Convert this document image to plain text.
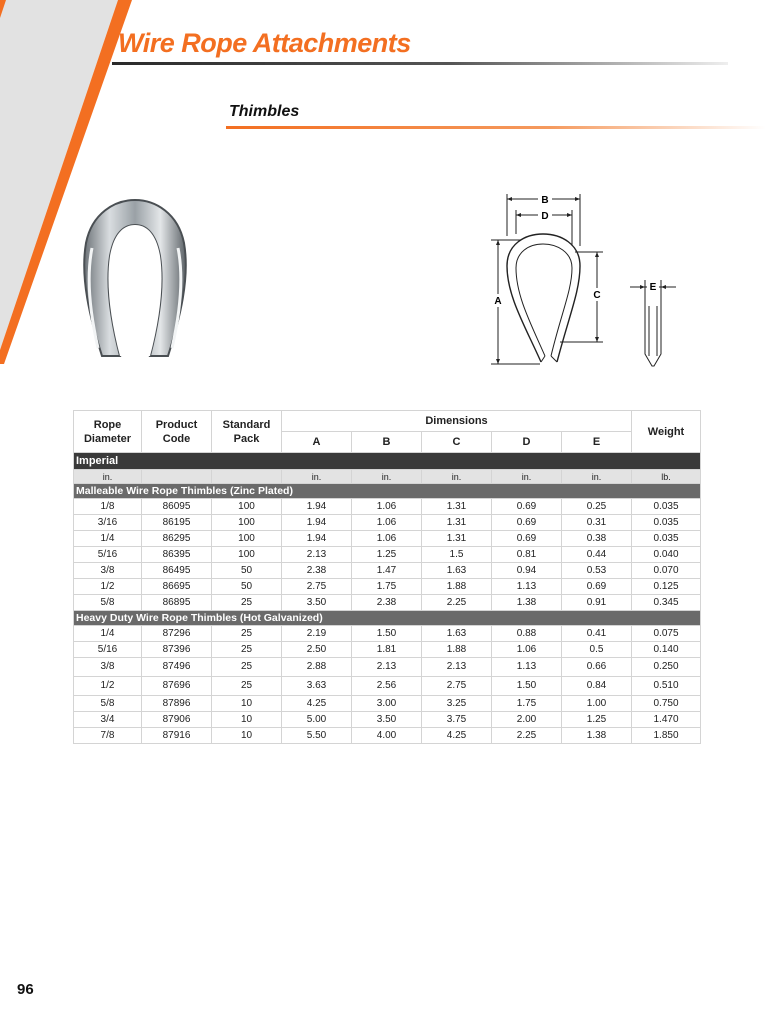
Wire Rope Attachments
Thimbles
B
D
A
C
E
Rope Diameter	Product Code	Standard Pack	Dimensions					Weight
			A	B	C	D	E	
Imperial								
in.			in.	in.	in.	in.	in.	lb.
Malleable Wire Rope Thimbles (Zinc Plated)								
1/8	86095	100	1.94	1.06	1.31	0.69	0.25	0.035
3/16	86195	100	1.94	1.06	1.31	0.69	0.31	0.035
1/4	86295	100	1.94	1.06	1.31	0.69	0.38	0.035
5/16	86395	100	2.13	1.25	1.5	0.81	0.44	0.040
3/8	86495	50	2.38	1.47	1.63	0.94	0.53	0.070
1/2	86695	50	2.75	1.75	1.88	1.13	0.69	0.125
5/8	86895	25	3.50	2.38	2.25	1.38	0.91	0.345
Heavy Duty Wire Rope Thimbles (Hot Galvanized)								
1/4	87296	25	2.19	1.50	1.63	0.88	0.41	0.075
5/16	87396	25	2.50	1.81	1.88	1.06	0.5	0.140
3/8	87496	25	2.88	2.13	2.13	1.13	0.66	0.250
1/2	87696	25	3.63	2.56	2.75	1.50	0.84	0.510
5/8	87896	10	4.25	3.00	3.25	1.75	1.00	0.750
3/4	87906	10	5.00	3.50	3.75	2.00	1.25	1.470
7/8	87916	10	5.50	4.00	4.25	2.25	1.38	1.850
96
